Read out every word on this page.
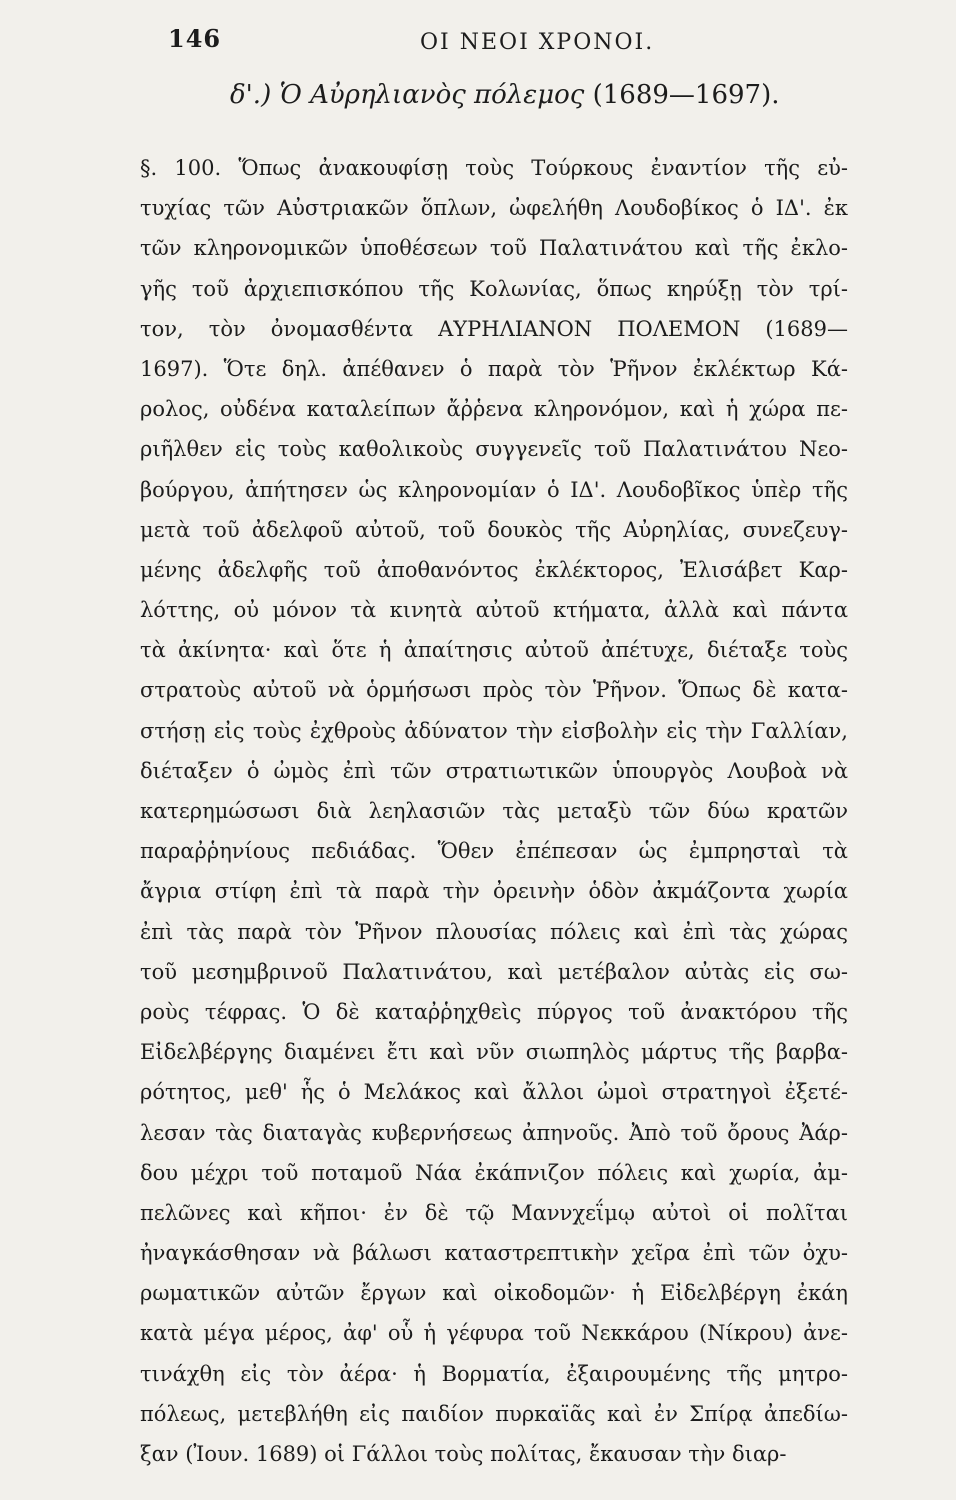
146	ΟΙ ΝΕΟΙ ΧΡΟΝΟΙ.
δ'.) Ὁ Αὐρηλιανὸς πόλεμος (1689—1697).
§. 100. Ὅπως ἀνακουφίσῃ τοὺς Τούρκους ἐναντίον τῆς εὐ-
τυχίας τῶν Αὐστριακῶν ὅπλων, ὠφελήθη Λουδοβίκος ὁ ΙΔ'. ἐκ
τῶν κληρονομικῶν ὑποθέσεων τοῦ Παλατινάτου καὶ τῆς ἐκλο-
γῆς τοῦ ἀρχιεπισκόπου τῆς Κολωνίας, ὅπως κηρύξῃ τὸν τρί-
τον, τὸν ὀνομασθέντα ΑΥΡΗΛΙΑΝΟΝ ΠΟΛΕΜΟΝ (1689—
1697). Ὅτε δηλ. ἀπέθανεν ὁ παρὰ τὸν Ῥῆνον ἐκλέκτωρ Κά-
ρολος, οὐδένα καταλείπων ἄῤῥενα κληρονόμον, καὶ ἡ χώρα πε-
ριῆλθεν εἰς τοὺς καθολικοὺς συγγενεῖς τοῦ Παλατινάτου Νεο-
βούργου, ἀπήτησεν ὡς κληρονομίαν ὁ ΙΔ'. Λουδοβῖκος ὑπὲρ τῆς
μετὰ τοῦ ἀδελφοῦ αὐτοῦ, τοῦ δουκὸς τῆς Αὐρηλίας, συνεζευγ-
μένης ἀδελφῆς τοῦ ἀποθανόντος ἐκλέκτορος, Ἐλισάβετ Καρ-
λόττης, οὐ μόνον τὰ κινητὰ αὐτοῦ κτήματα, ἀλλὰ καὶ πάντα
τὰ ἀκίνητα· καὶ ὅτε ἡ ἀπαίτησις αὐτοῦ ἀπέτυχε, διέταξε τοὺς
στρατοὺς αὐτοῦ νὰ ὁρμήσωσι πρὸς τὸν Ῥῆνον. Ὅπως δὲ κατα-
στήσῃ εἰς τοὺς ἐχθροὺς ἀδύνατον τὴν εἰσβολὴν εἰς τὴν Γαλλίαν,
διέταξεν ὁ ὠμὸς ἐπὶ τῶν στρατιωτικῶν ὑπουργὸς Λουβοὰ νὰ
κατερημώσωσι διὰ λεηλασιῶν τὰς μεταξὺ τῶν δύω κρατῶν
παραῤῥηνίους πεδιάδας. Ὅθεν ἐπέπεσαν ὡς ἐμπρησταὶ τὰ
ἄγρια στίφη ἐπὶ τὰ παρὰ τὴν ὀρεινὴν ὁδὸν ἀκμάζοντα χωρία
ἐπὶ τὰς παρὰ τὸν Ῥῆνον πλουσίας πόλεις καὶ ἐπὶ τὰς χώρας
τοῦ μεσημβρινοῦ Παλατινάτου, καὶ μετέβαλον αὐτὰς εἰς σω-
ροὺς τέφρας. Ὁ δὲ καταῤῥηχθεὶς πύργος τοῦ ἀνακτόρου τῆς
Εἰδελβέργης διαμένει ἔτι καὶ νῦν σιωπηλὸς μάρτυς τῆς βαρβα-
ρότητος, μεθ' ἧς ὁ Μελάκος καὶ ἄλλοι ὠμοὶ στρατηγοὶ ἐξετέ-
λεσαν τὰς διαταγὰς κυβερνήσεως ἀπηνοῦς. Ἀπὸ τοῦ ὄρους Ἀάρ-
δου μέχρι τοῦ ποταμοῦ Νάα ἐκάπνιζον πόλεις καὶ χωρία, ἀμ-
πελῶνες καὶ κῆποι· ἐν δὲ τῷ Μαννχεΐμῳ αὐτοὶ οἱ πολῖται
ἠναγκάσθησαν νὰ βάλωσι καταστρεπτικὴν χεῖρα ἐπὶ τῶν ὀχυ-
ρωματικῶν αὐτῶν ἔργων καὶ οἰκοδομῶν· ἡ Εἰδελβέργη ἐκάη
κατὰ μέγα μέρος, ἀφ' οὗ ἡ γέφυρα τοῦ Νεκκάρου (Νίκρου) ἀνε-
τινάχθη εἰς τὸν ἀέρα· ἡ Βορματία, ἐξαιρουμένης τῆς μητρο-
πόλεως, μετεβλήθη εἰς παιδίον πυρκαϊᾶς καὶ ἐν Σπίρᾳ ἀπεδίω-
ξαν (Ἰουν. 1689) οἱ Γάλλοι τοὺς πολίτας, ἔκαυσαν τὴν διαρ-
